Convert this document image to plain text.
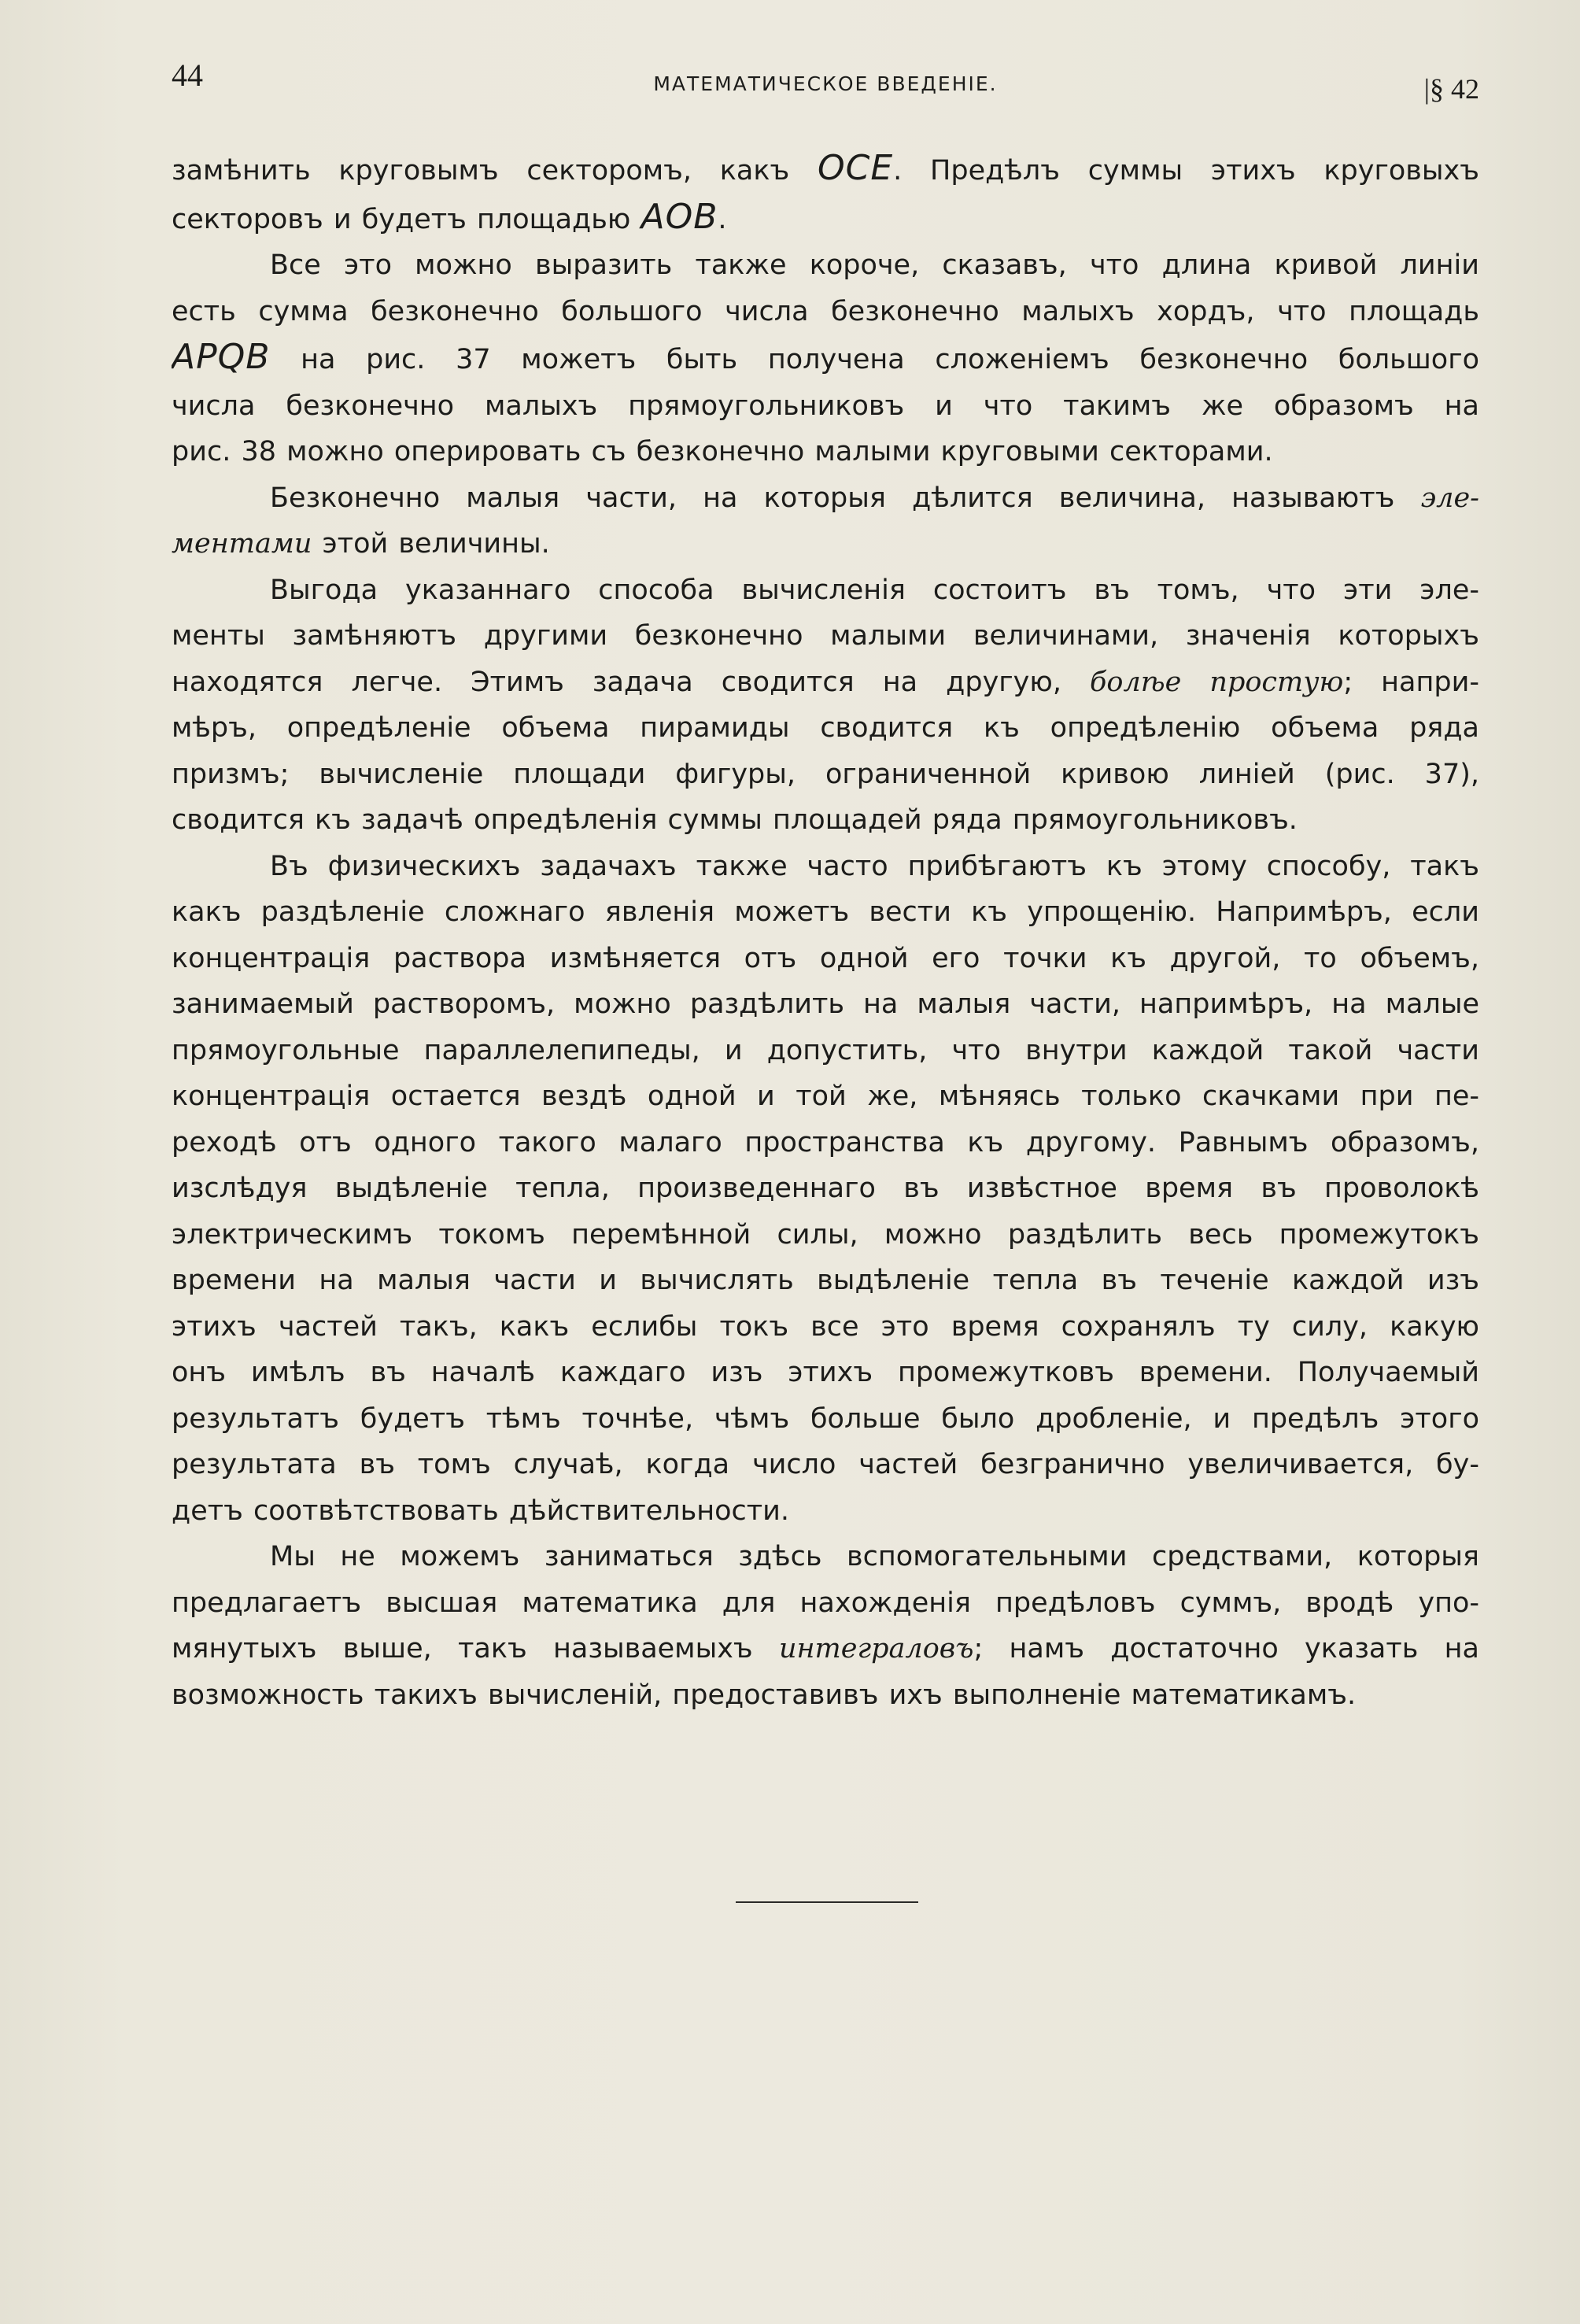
44	МАТЕМАТИЧЕСКОЕ ВВЕДЕНІЕ.	|§ 42

замѣнить круговымъ секторомъ, какъ OCE. Предѣлъ суммы этихъ круговыхъ
секторовъ и будетъ площадью AOB.

Все это можно выразить также короче, сказавъ, что длина кривой линіи
есть сумма безконечно большого числа безконечно малыхъ хордъ, что площадь
APQB на рис. 37 можетъ быть получена сложеніемъ безконечно большого
числа безконечно малыхъ прямоугольниковъ и что такимъ же образомъ на
рис. 38 можно оперировать съ безконечно малыми круговыми секторами.

Безконечно малыя части, на которыя дѣлится величина, называютъ эле-
ментами этой величины.

Выгода указаннаго способа вычисленія состоитъ въ томъ, что эти эле-
менты замѣняютъ другими безконечно малыми величинами, значенія которыхъ
находятся легче. Этимъ задача сводится на другую, болѣе простую; напри-
мѣръ, опредѣленіе объема пирамиды сводится къ опредѣленію объема ряда
призмъ; вычисленіе площади фигуры, ограниченной кривою линіей (рис. 37),
сводится къ задачѣ опредѣленія суммы площадей ряда прямоугольниковъ.

Въ физическихъ задачахъ также часто прибѣгаютъ къ этому способу, такъ
какъ раздѣленіе сложнаго явленія можетъ вести къ упрощенію. Напримѣръ, если
концентрація раствора измѣняется отъ одной его точки къ другой, то объемъ,
занимаемый растворомъ, можно раздѣлить на малыя части, напримѣръ, на малые
прямоугольные параллелепипеды, и допустить, что внутри каждой такой части
концентрація остается вездѣ одной и той же, мѣняясь только скачками при пе-
реходѣ отъ одного такого малаго пространства къ другому. Равнымъ образомъ,
изслѣдуя выдѣленіе тепла, произведеннаго въ извѣстное время въ проволокѣ
электрическимъ токомъ перемѣнной силы, можно раздѣлить весь промежутокъ
времени на малыя части и вычислять выдѣленіе тепла въ теченіе каждой изъ
этихъ частей такъ, какъ еслибы токъ все это время сохранялъ ту силу, какую
онъ имѣлъ въ началѣ каждаго изъ этихъ промежутковъ времени. Получаемый
результатъ будетъ тѣмъ точнѣе, чѣмъ больше было дробленіе, и предѣлъ этого
результата въ томъ случаѣ, когда число частей безгранично увеличивается, бу-
детъ соотвѣтствовать дѣйствительности.

Мы не можемъ заниматься здѣсь вспомогательными средствами, которыя
предлагаетъ высшая математика для нахожденія предѣловъ суммъ, вродѣ упо-
мянутыхъ выше, такъ называемыхъ интеграловъ; намъ достаточно указать на
возможность такихъ вычисленій, предоставивъ ихъ выполненіе математикамъ.
